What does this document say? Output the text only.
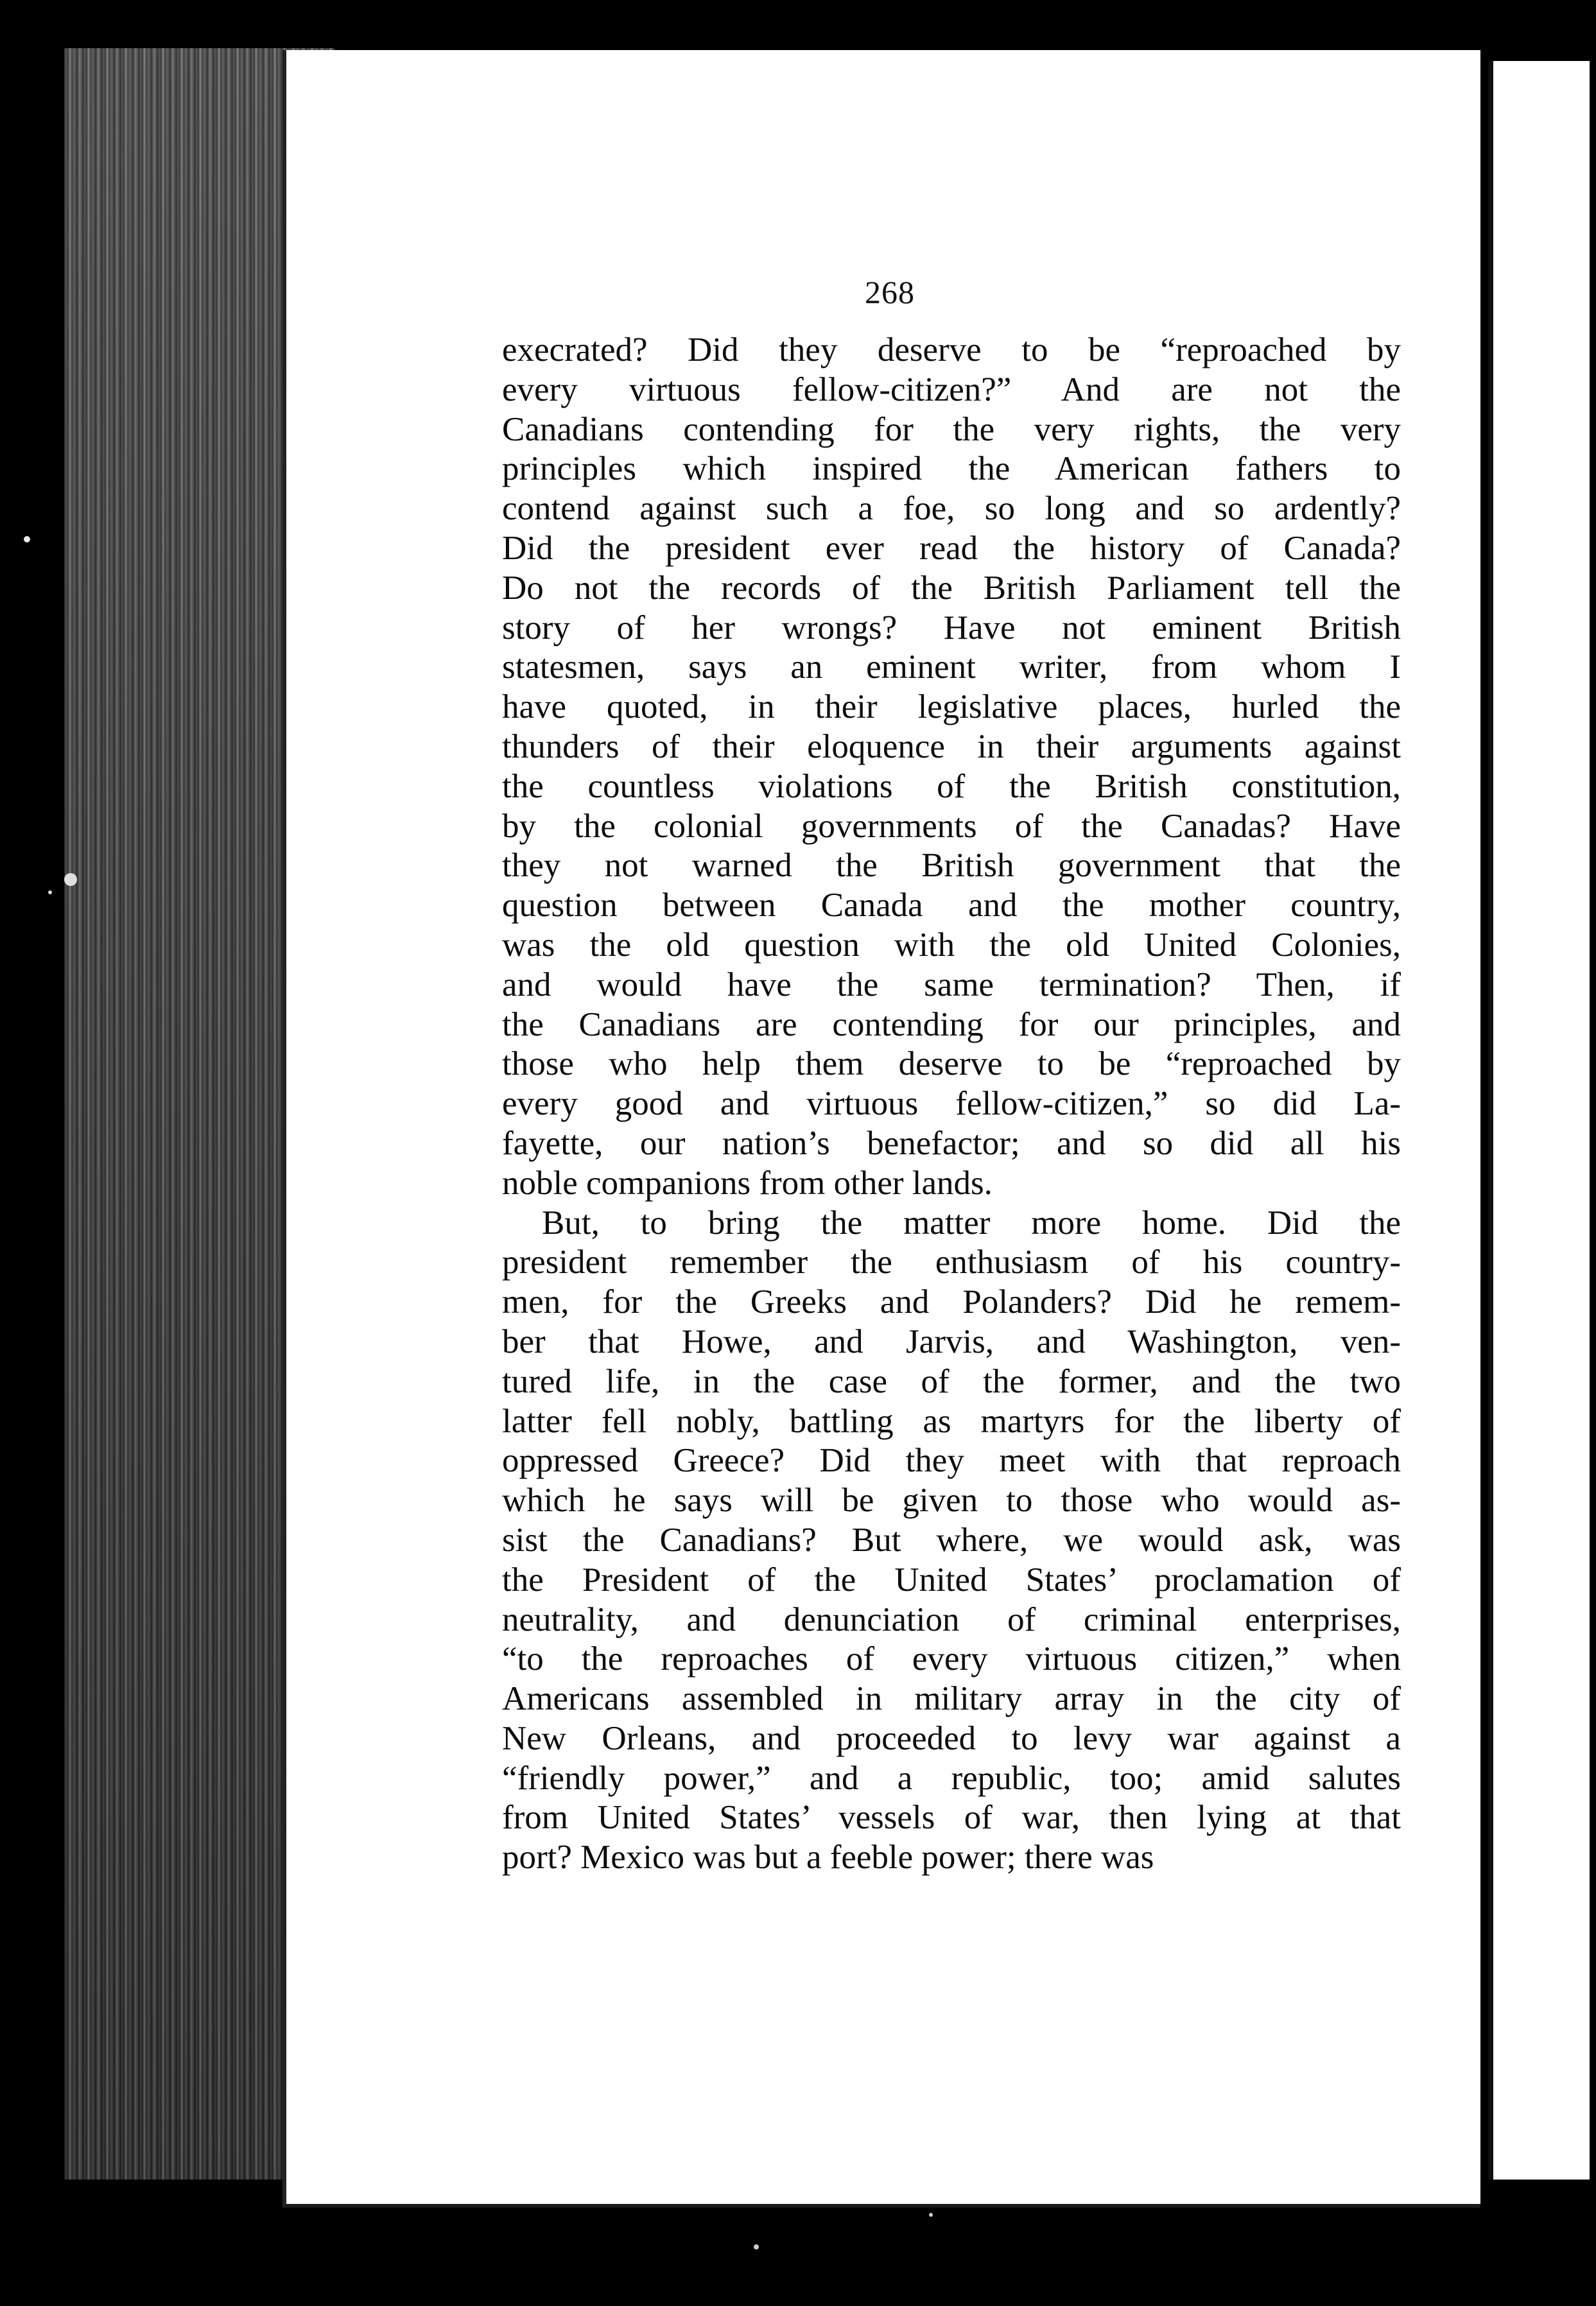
268
execrated? Did they deserve to be “reproached by
every virtuous fellow-citizen?” And are not the
Canadians contending for the very rights, the very
principles which inspired the American fathers to
contend against such a foe, so long and so ardently?
Did the president ever read the history of Canada?
Do not the records of the British Parliament tell the
story of her wrongs? Have not eminent British
statesmen, says an eminent writer, from whom I
have quoted, in their legislative places, hurled the
thunders of their eloquence in their arguments against
the countless violations of the British constitution,
by the colonial governments of the Canadas? Have
they not warned the British government that the
question between Canada and the mother country,
was the old question with the old United Colonies,
and would have the same termination? Then, if
the Canadians are contending for our principles, and
those who help them deserve to be “reproached by
every good and virtuous fellow-citizen,” so did La-
fayette, our nation’s benefactor; and so did all his
noble companions from other lands.
But, to bring the matter more home. Did the
president remember the enthusiasm of his country-
men, for the Greeks and Polanders? Did he remem-
ber that Howe, and Jarvis, and Washington, ven-
tured life, in the case of the former, and the two
latter fell nobly, battling as martyrs for the liberty of
oppressed Greece? Did they meet with that reproach
which he says will be given to those who would as-
sist the Canadians? But where, we would ask, was
the President of the United States’ proclamation of
neutrality, and denunciation of criminal enterprises,
“to the reproaches of every virtuous citizen,” when
Americans assembled in military array in the city of
New Orleans, and proceeded to levy war against a
“friendly power,” and a republic, too; amid salutes
from United States’ vessels of war, then lying at that
port? Mexico was but a feeble power; there was
